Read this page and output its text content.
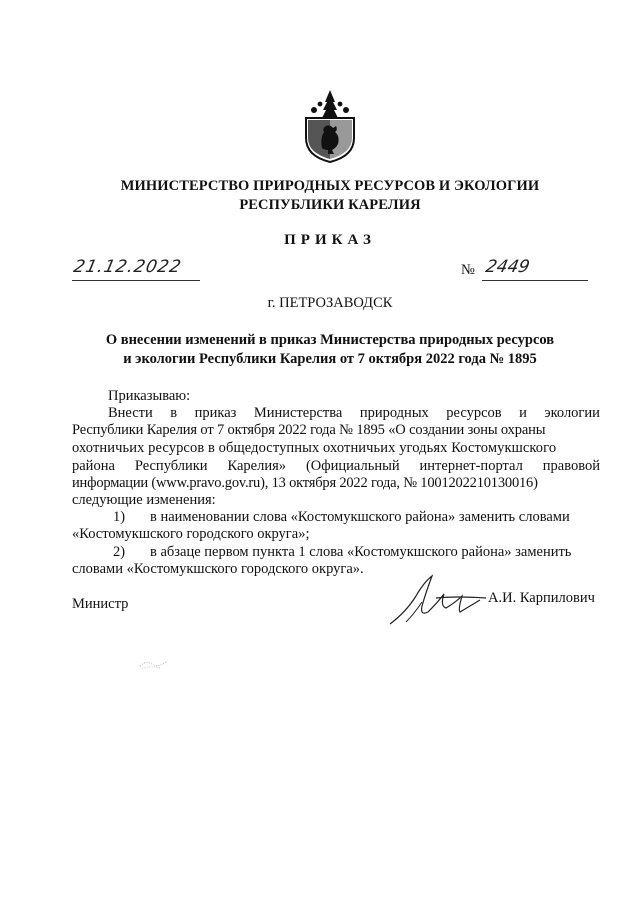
МИНИСТЕРСТВО ПРИРОДНЫХ РЕСУРСОВ И ЭКОЛОГИИ
РЕСПУБЛИКИ КАРЕЛИЯ
ПРИКАЗ
21.12.2022	№ 2449
г. ПЕТРОЗАВОДСК
О внесении изменений в приказ Министерства природных ресурсов
и экологии Республики Карелия от 7 октября 2022 года № 1895
Приказываю:
Внести в приказ Министерства природных ресурсов и экологии
Республики Карелия от 7 октября 2022 года № 1895 «О создании зоны охраны
охотничьих ресурсов в общедоступных охотничьих угодьях Костомукшского
района Республики Карелия» (Официальный интернет-портал правовой
информации (www.pravo.gov.ru), 13 октября 2022 года, № 1001202210130016)
следующие изменения:
1) в наименовании слова «Костомукшского района» заменить словами
«Костомукшского городского округа»;
2) в абзаце первом пункта 1 слова «Костомукшского района» заменить
словами «Костомукшского городского округа».
Министр	А.И. Карпилович
